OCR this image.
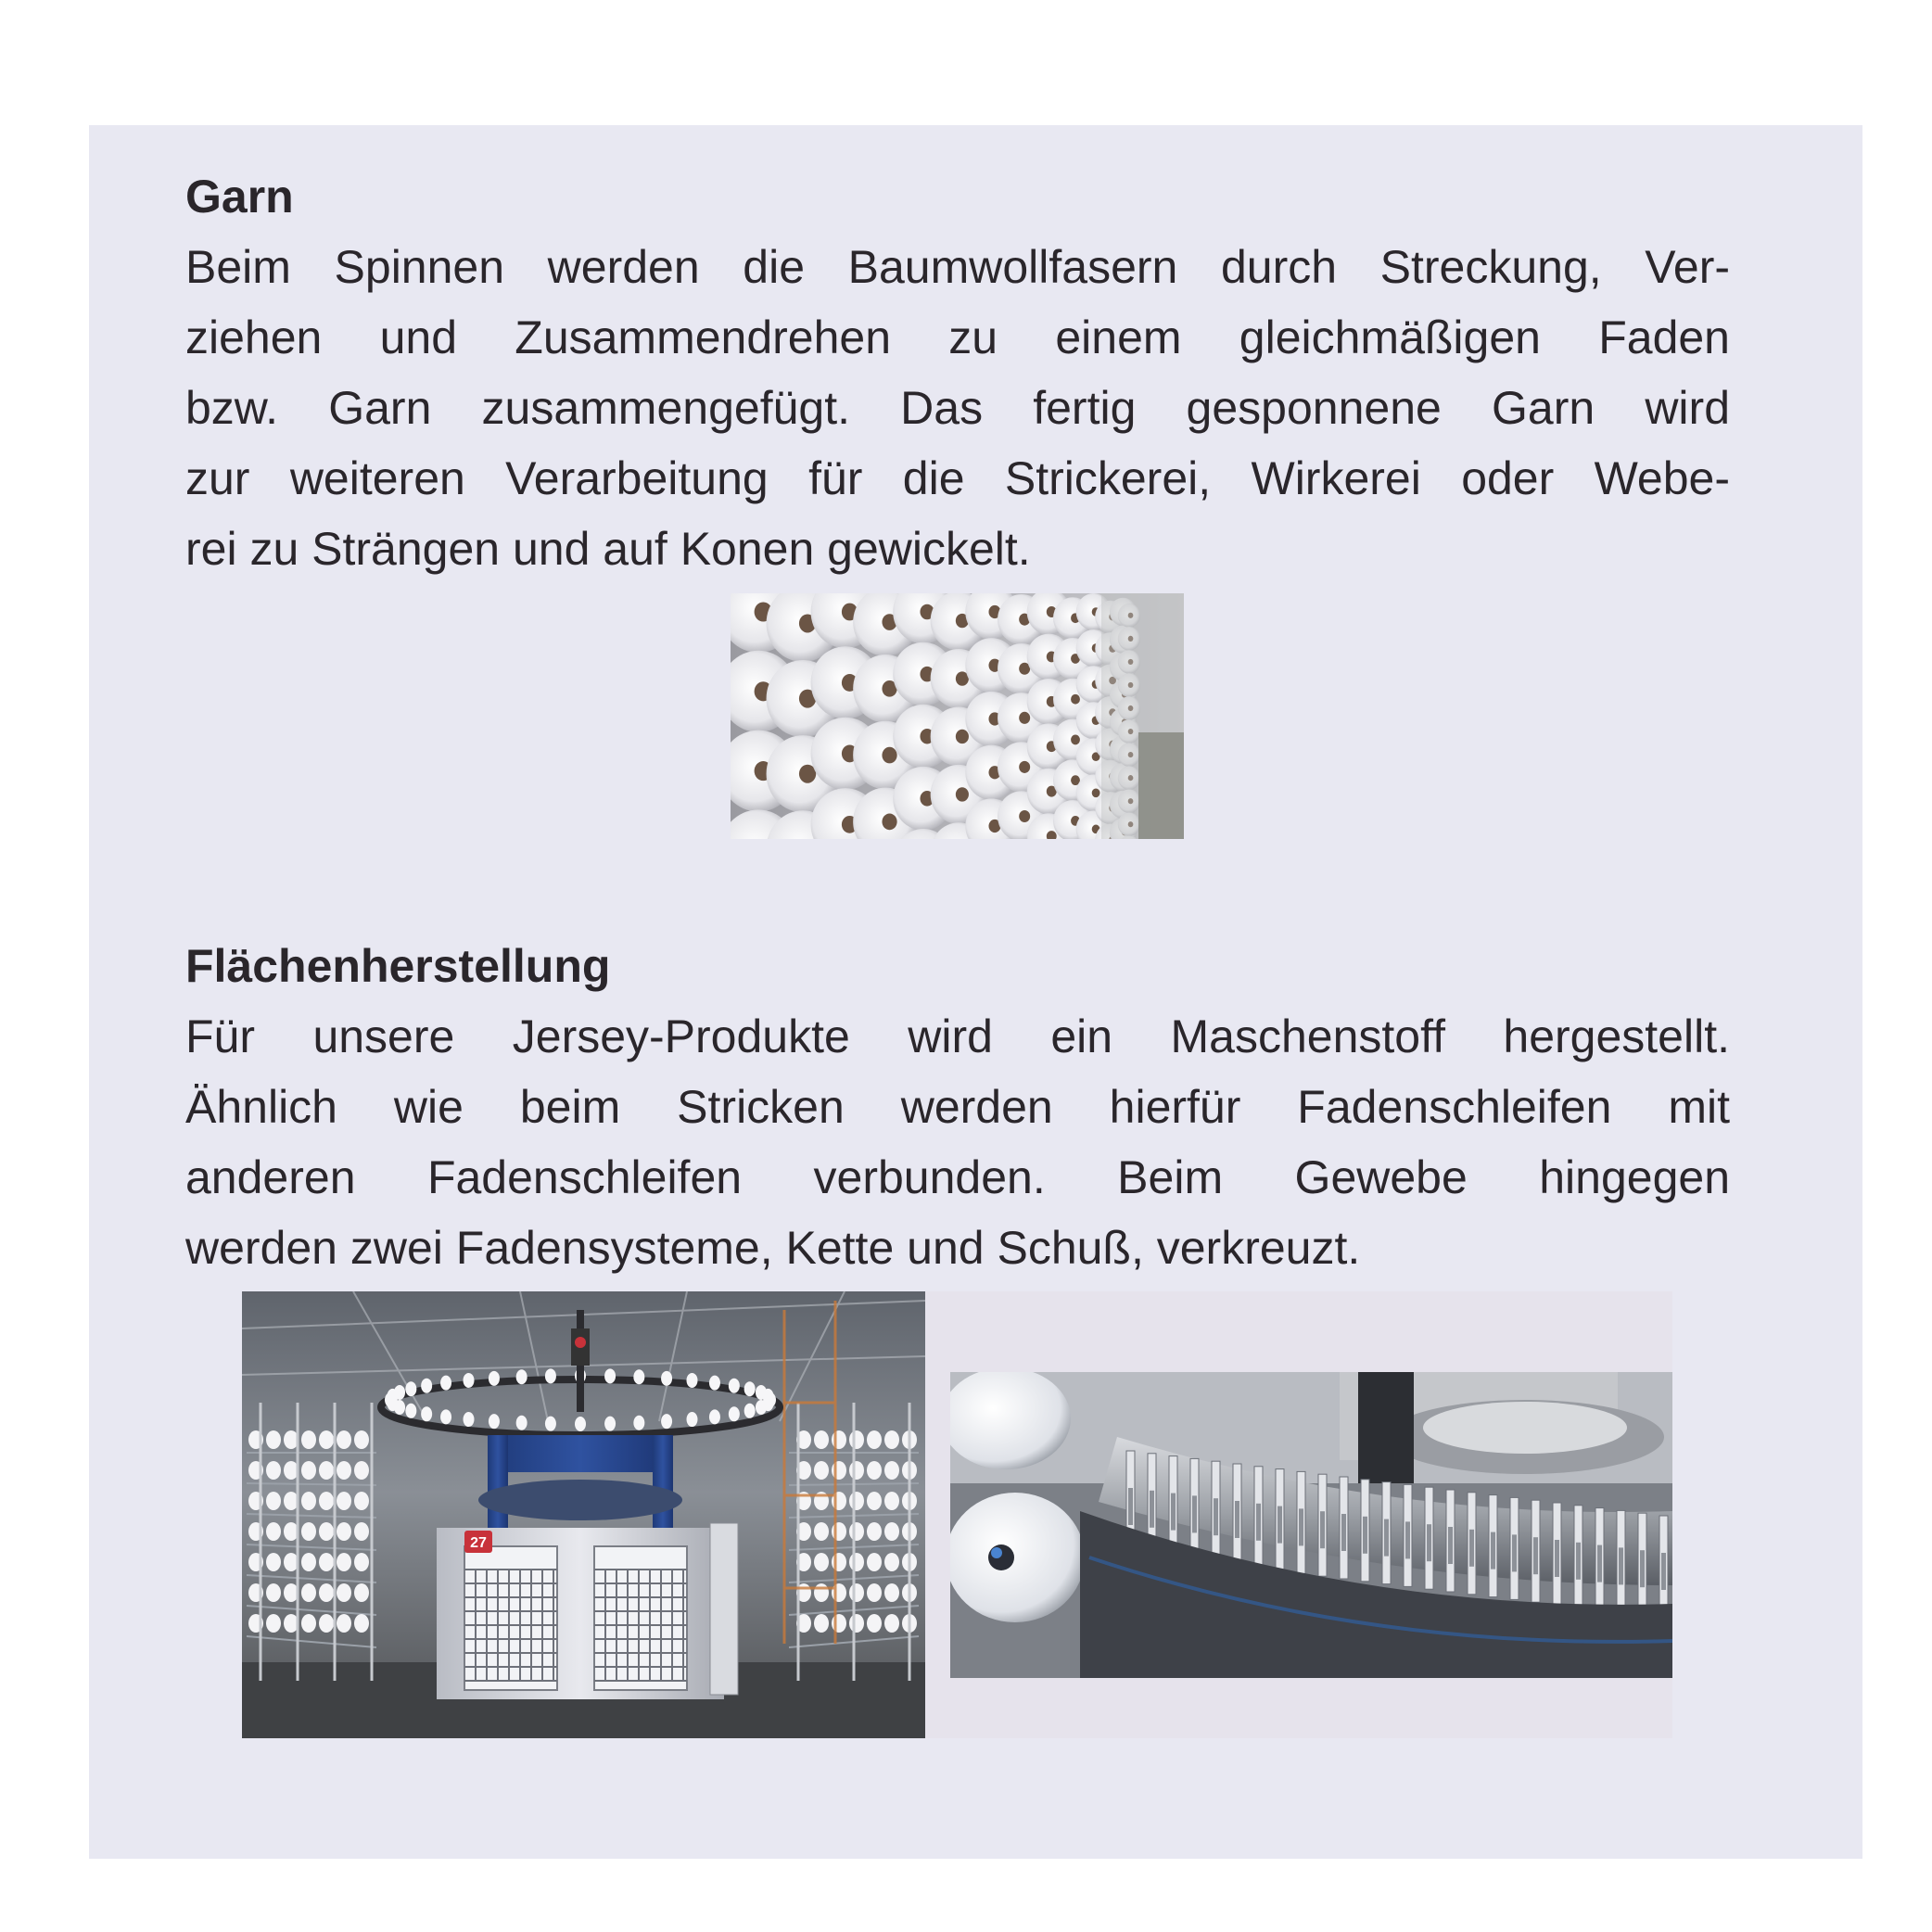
Garn
Beim Spinnen werden die Baumwollfasern durch Streckung, Ver-
ziehen und Zusammendrehen zu einem gleichmäßigen Faden
bzw. Garn zusammengefügt. Das fertig gesponnene Garn wird
zur weiteren Verarbeitung für die Strickerei, Wirkerei oder Webe-
rei zu Strängen und auf Konen gewickelt.
Flächenherstellung
Für unsere Jersey-Produkte wird ein Maschenstoff hergestellt.
Ähnlich wie beim Stricken werden hierfür Fadenschleifen mit
anderen Fadenschleifen verbunden. Beim Gewebe hingegen
werden zwei Fadensysteme, Kette und Schuß, verkreuzt.
27
